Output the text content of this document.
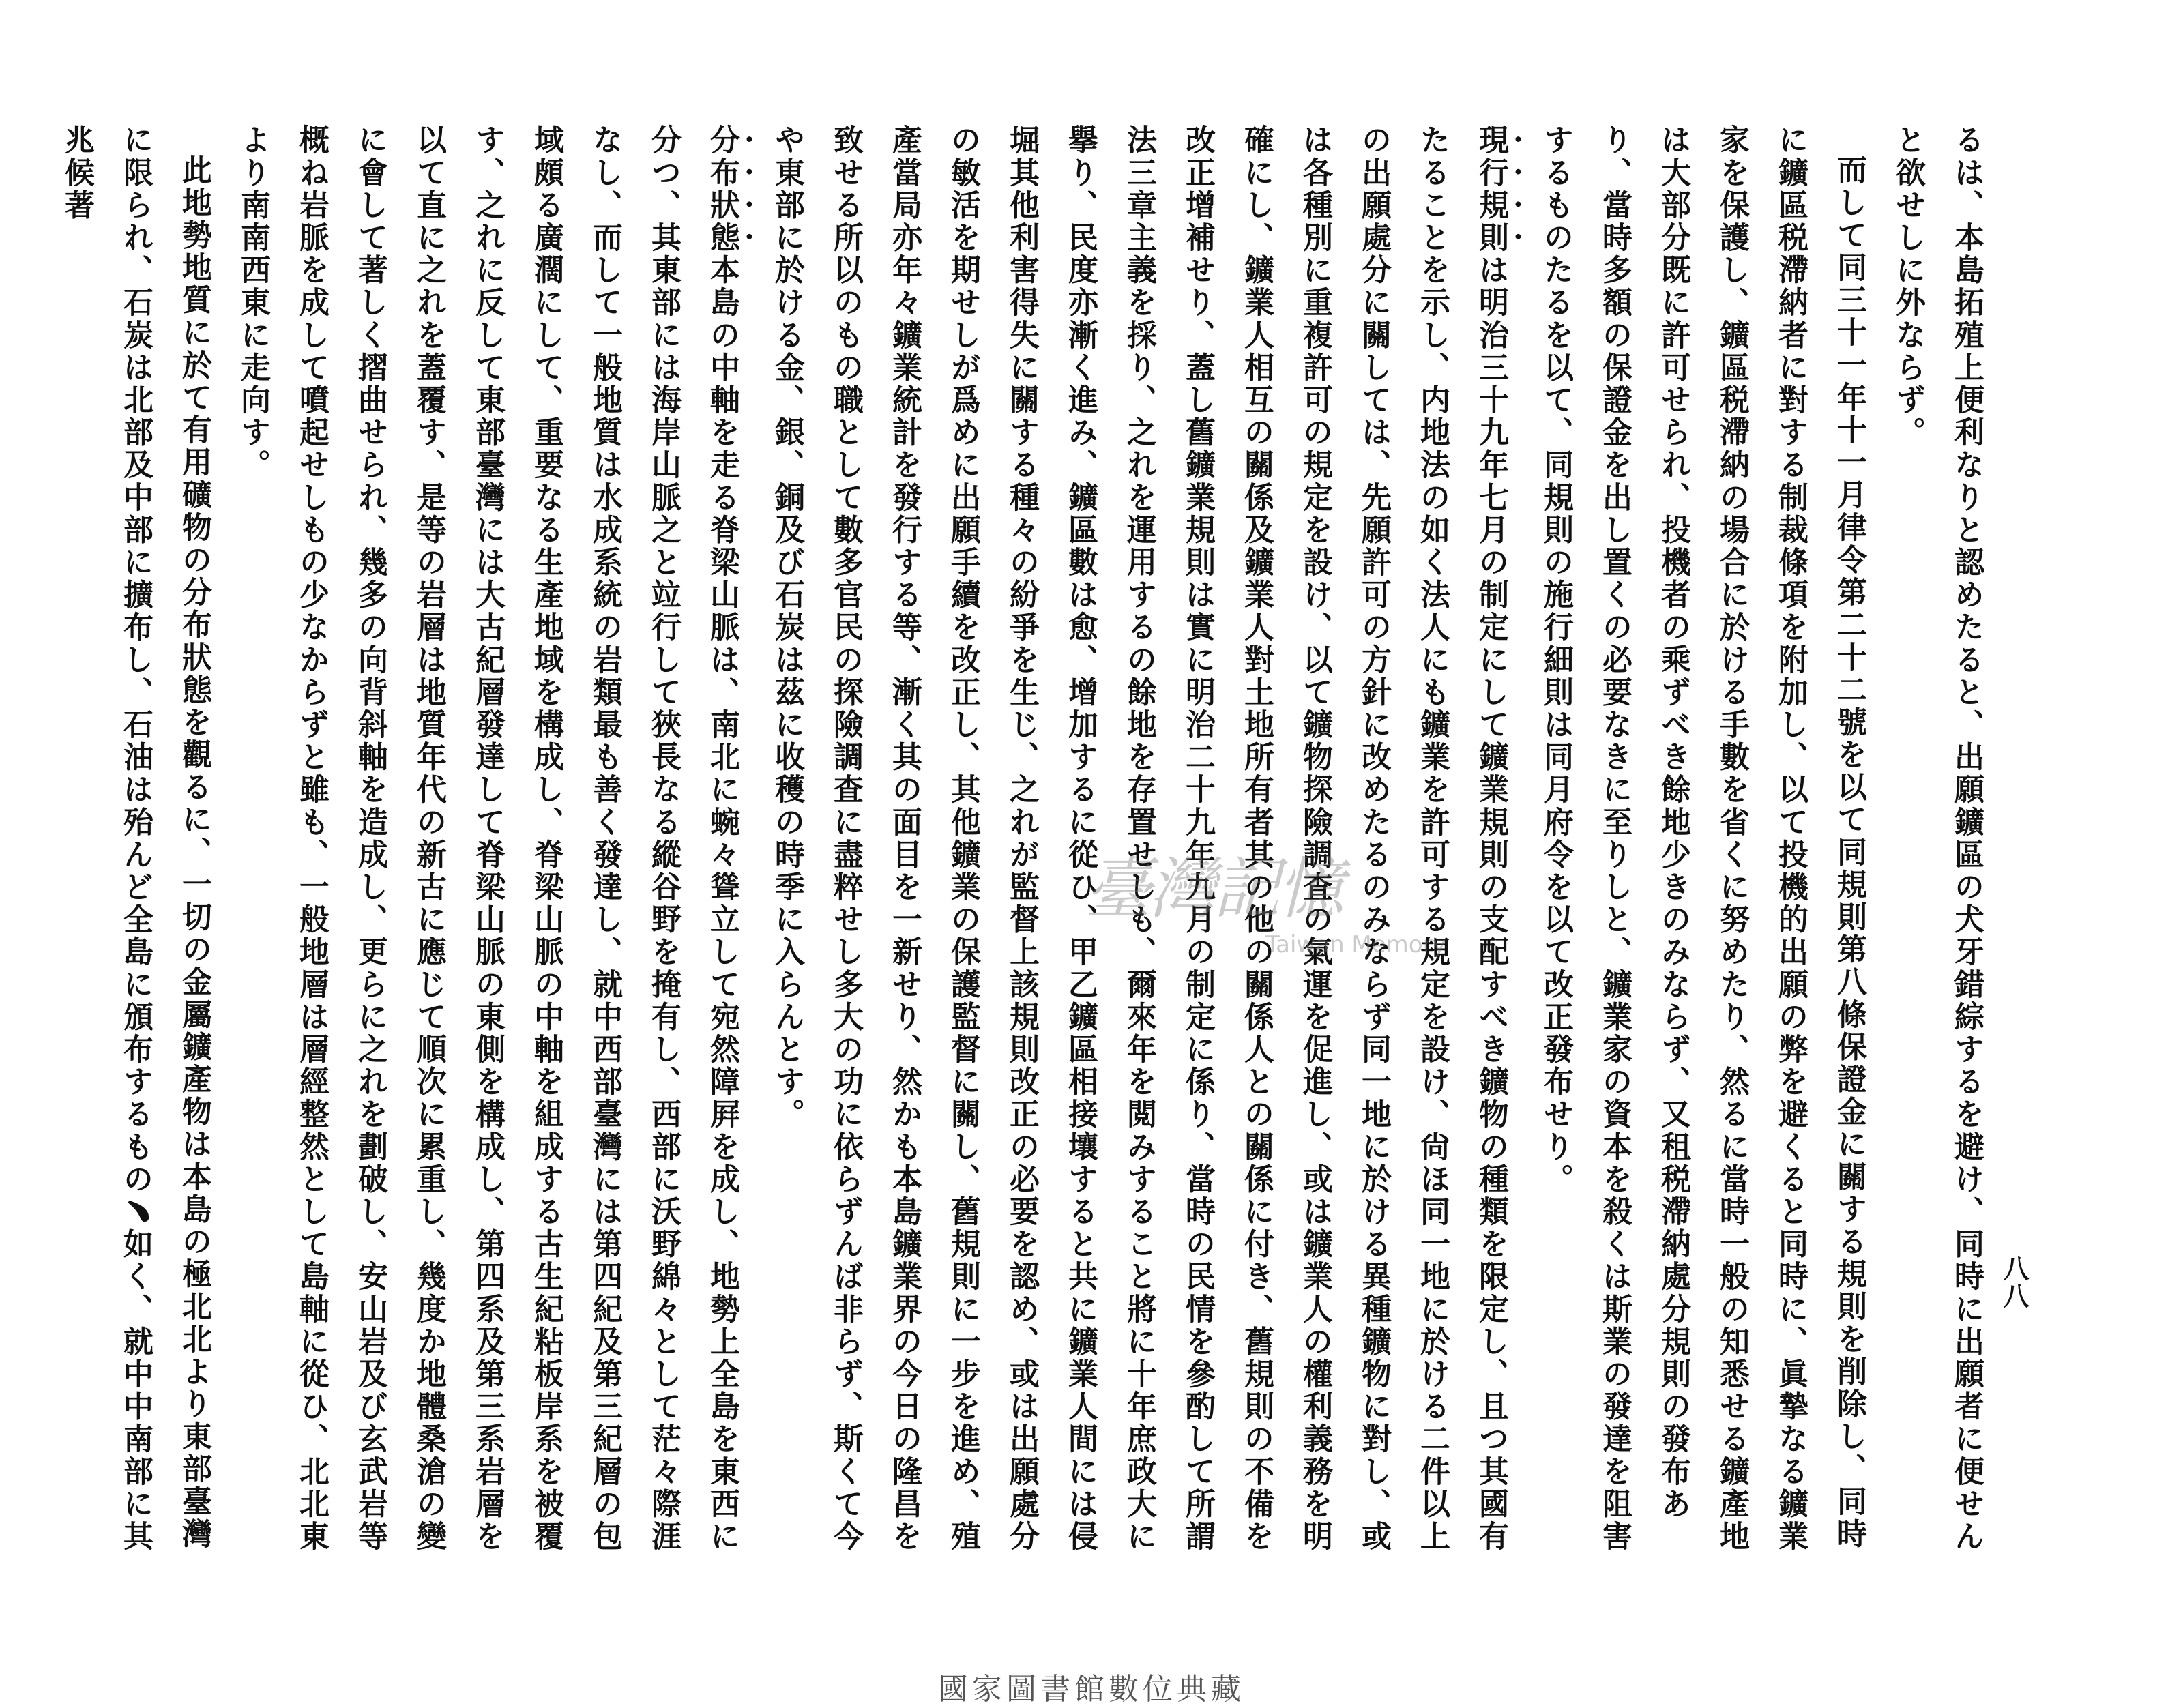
八八

るは、本島拓殖上便利なりと認めたると、出願鑛區の犬牙錯綜するを避け、同時に出願者に便せんと欲せしに外ならず。

而して同三十一年十一月律令第二十二號を以て同規則第八條保證金に關する規則を削除し、同時に鑛區税滯納者に對する制裁條項を附加し、以て投機的出願の弊を避くると同時に、眞摯なる鑛業家を保護し、鑛區税滯納の場合に於ける手數を省くに努めたり、然るに當時一般の知悉せる鑛產地は大部分既に許可せられ、投機者の乘ずべき餘地少きのみならず、又租税滯納處分規則の發布あり、當時多額の保證金を出し置くの必要なきに至りしと、鑛業家の資本を殺くは斯業の發達を阻害するものたるを以て、同規則の施行細則は同月府令を以て改正發布せり。

現行規則は明治三十九年七月の制定にして鑛業規則の支配すべき鑛物の種類を限定し、且つ其國有たることを示し、内地法の如く法人にも鑛業を許可する規定を設け、尙ほ同一地に於ける二件以上の出願處分に關しては、先願許可の方針に改めたるのみならず同一地に於ける異種鑛物に對し、或は各種別に重複許可の規定を設け、以て鑛物探險調査の氣運を促進し、或は鑛業人の權利義務を明確にし、鑛業人相互の關係及鑛業人對土地所有者其の他の關係人との關係に付き、舊規則の不備を改正增補せり、蓋し舊鑛業規則は實に明治二十九年九月の制定に係り、當時の民情を參酌して所謂法三章主義を採り、之れを運用するの餘地を存置せしも、爾來年を閲みすること將に十年庶政大に擧り、民度亦漸く進み、鑛區數は愈、增加するに從ひ、甲乙鑛區相接壤すると共に鑛業人間には侵堀其他利害得失に關する種々の紛爭を生じ、之れが監督上該規則改正の必要を認め、或は出願處分の敏活を期せしが爲めに出願手續を改正し、其他鑛業の保護監督に關し、舊規則に一步を進め、殖產當局亦年々鑛業統計を發行する等、漸く其の面目を一新せり、然かも本島鑛業界の今日の隆昌を致せる所以のもの職として數多官民の探險調査に盡粹せし多大の功に依らずんば非らず、斯くて今や東部に於ける金、銀、銅及び石炭は茲に收穫の時季に入らんとす。

分布狀態本島の中軸を走る脊梁山脈は、南北に蜿々聳立して宛然障屛を成し、地勢上全島を東西に分つ、其東部には海岸山脈之と竝行して狹長なる縱谷野を掩有し、西部に沃野綿々として茫々際涯なし、而して一般地質は水成系統の岩類最も善く發達し、就中西部臺灣には第四紀及第三紀層の包域頗る廣濶にして、重要なる生產地域を構成し、脊梁山脈の中軸を組成する古生紀粘板岸系を被覆す、之れに反して東部臺灣には大古紀層發達して脊梁山脈の東側を構成し、第四系及第三系岩層を以て直に之れを蓋覆す、是等の岩層は地質年代の新古に應じて順次に累重し、幾度か地體桑滄の變に會して著しく摺曲せられ、幾多の向背斜軸を造成し、更らに之れを劃破し、安山岩及び玄武岩等概ね岩脈を成して噴起せしもの少なからずと雖も、一般地層は層經整然として島軸に從ひ、北北東より南南西東に走向す。

此地勢地質に於て有用礦物の分布狀態を觀るに、一切の金屬鑛產物は本島の極北北より東部臺灣に限られ、石炭は北部及中部に擴布し、石油は殆んど全島に頒布するもの﹅如く、就中中南部に其兆候著

臺灣記憶
Taiwan Memory
國家圖書館數位典藏
